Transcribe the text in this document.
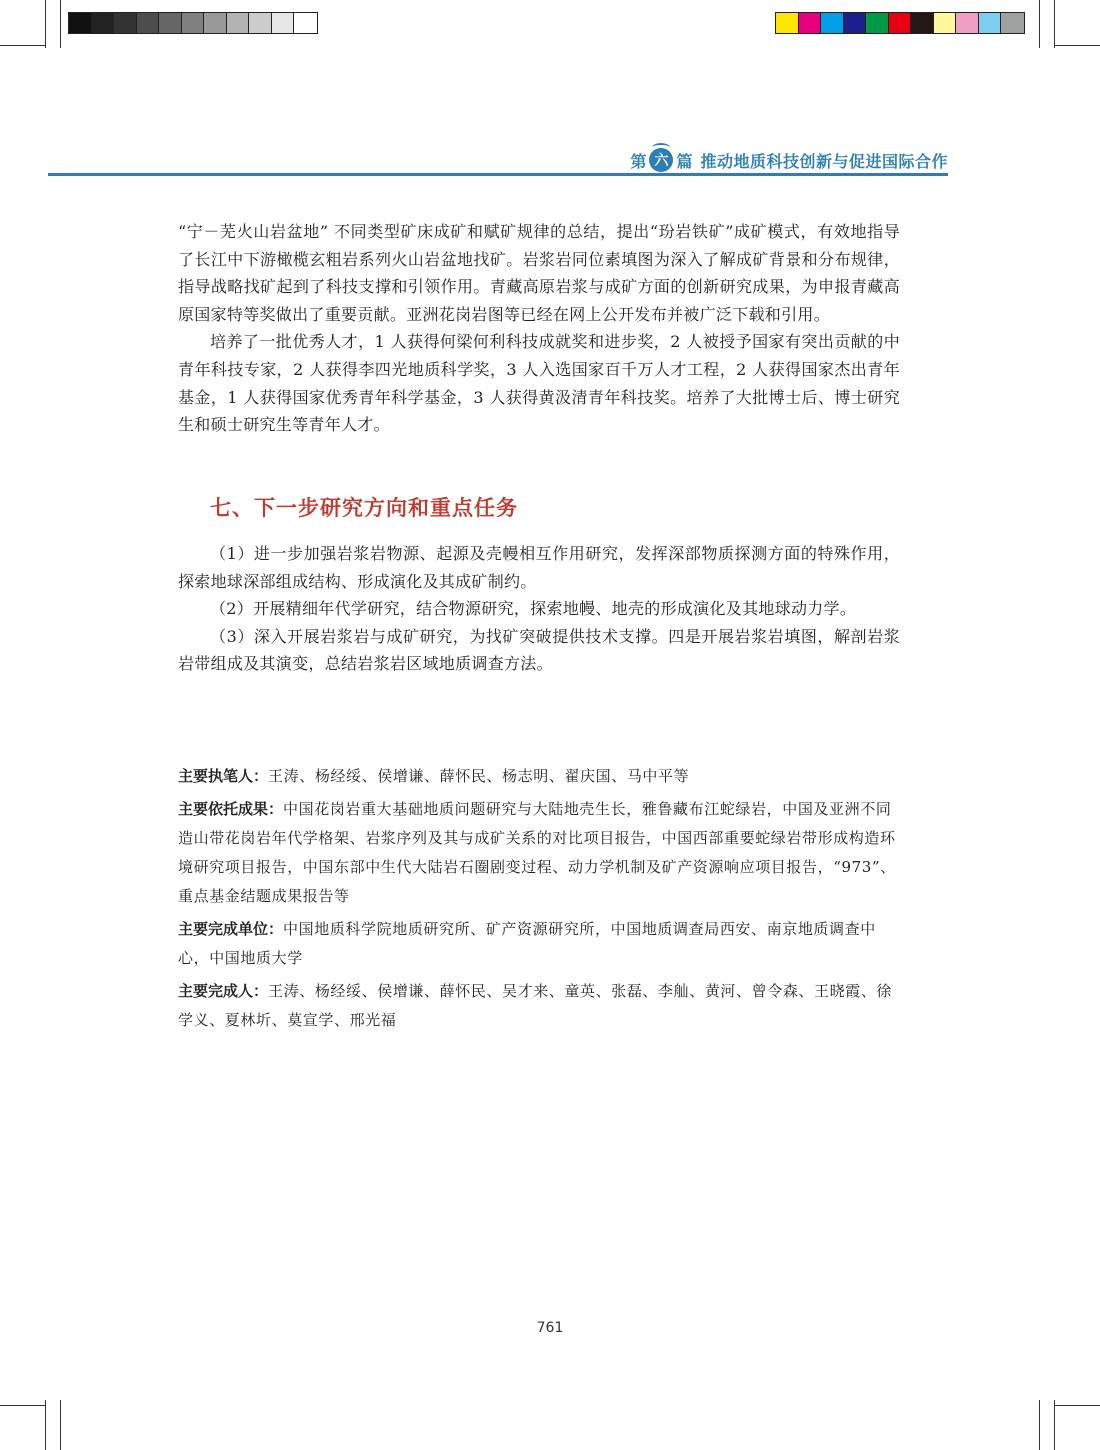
第 六 篇 推动地质科技创新与促进国际合作

“宁－芜火山岩盆地” 不同类型矿床成矿和赋矿规律的总结，提出“玢岩铁矿”成矿模式，有效地指导了长江中下游橄榄玄粗岩系列火山岩盆地找矿。岩浆岩同位素填图为深入了解成矿背景和分布规律，指导战略找矿起到了科技支撑和引领作用。青藏高原岩浆与成矿方面的创新研究成果，为申报青藏高原国家特等奖做出了重要贡献。亚洲花岗岩图等已经在网上公开发布并被广泛下载和引用。

培养了一批优秀人才，1 人获得何梁何利科技成就奖和进步奖，2 人被授予国家有突出贡献的中青年科技专家，2 人获得李四光地质科学奖，3 人入选国家百千万人才工程，2 人获得国家杰出青年基金，1 人获得国家优秀青年科学基金，3 人获得黄汲清青年科技奖。培养了大批博士后、博士研究生和硕士研究生等青年人才。

七、下一步研究方向和重点任务

（1）进一步加强岩浆岩物源、起源及壳幔相互作用研究，发挥深部物质探测方面的特殊作用，探索地球深部组成结构、形成演化及其成矿制约。

（2）开展精细年代学研究，结合物源研究，探索地幔、地壳的形成演化及其地球动力学。

（3）深入开展岩浆岩与成矿研究，为找矿突破提供技术支撑。四是开展岩浆岩填图，解剖岩浆岩带组成及其演变，总结岩浆岩区域地质调查方法。

主要执笔人：王涛、杨经绥、侯增谦、薛怀民、杨志明、翟庆国、马中平等

主要依托成果：中国花岗岩重大基础地质问题研究与大陆地壳生长，雅鲁藏布江蛇绿岩，中国及亚洲不同造山带花岗岩年代学格架、岩浆序列及其与成矿关系的对比项目报告，中国西部重要蛇绿岩带形成构造环境研究项目报告，中国东部中生代大陆岩石圈剧变过程、动力学机制及矿产资源响应项目报告，“973”、重点基金结题成果报告等

主要完成单位：中国地质科学院地质研究所、矿产资源研究所，中国地质调查局西安、南京地质调查中心，中国地质大学

主要完成人：王涛、杨经绥、侯增谦、薛怀民、吴才来、童英、张磊、李舢、黄河、曾令森、王晓霞、徐学义、夏林圻、莫宣学、邢光福

761
